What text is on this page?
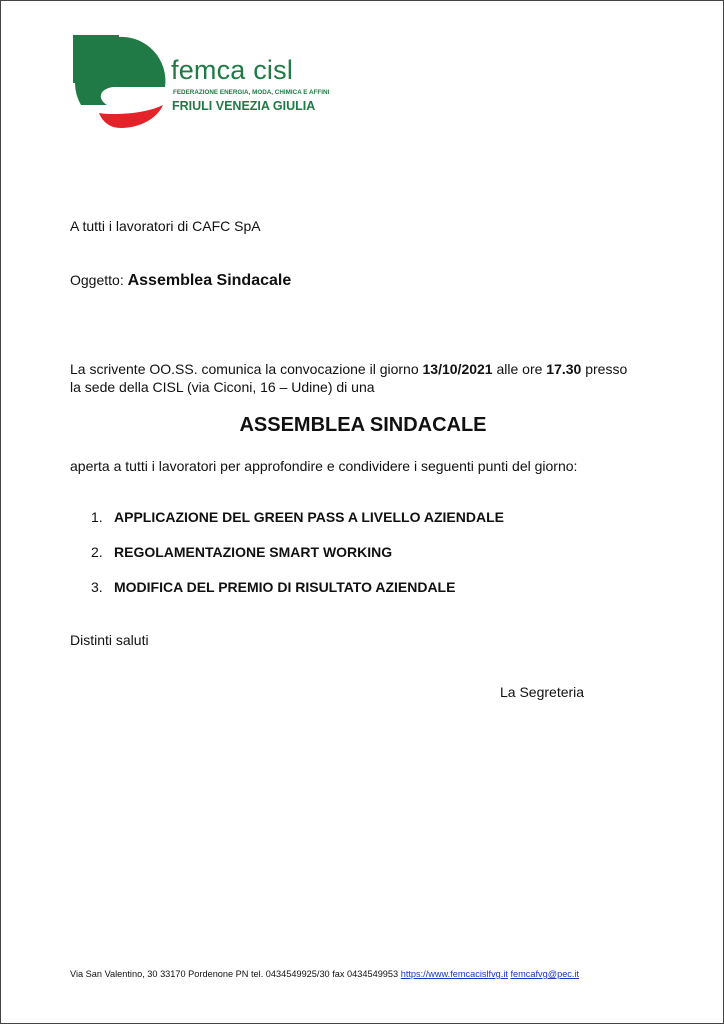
femca cisl
FEDERAZIONE ENERGIA, MODA, CHIMICA E AFFINI
FRIULI VENEZIA GIULIA
A tutti i lavoratori di CAFC SpA
Oggetto: Assemblea Sindacale
La scrivente OO.SS. comunica la convocazione il giorno 13/10/2021 alle ore 17.30 presso
la sede della CISL (via Ciconi, 16 – Udine) di una
ASSEMBLEA SINDACALE
aperta a tutti i lavoratori per approfondire e condividere i seguenti punti del giorno:
1. APPLICAZIONE DEL GREEN PASS A LIVELLO AZIENDALE
2. REGOLAMENTAZIONE SMART WORKING
3. MODIFICA DEL PREMIO DI RISULTATO AZIENDALE
Distinti saluti
La Segreteria
Via San Valentino, 30 33170 Pordenone PN tel. 0434549925/30 fax 0434549953 https://www.femcacislfvg.it femcafvg@pec.it
